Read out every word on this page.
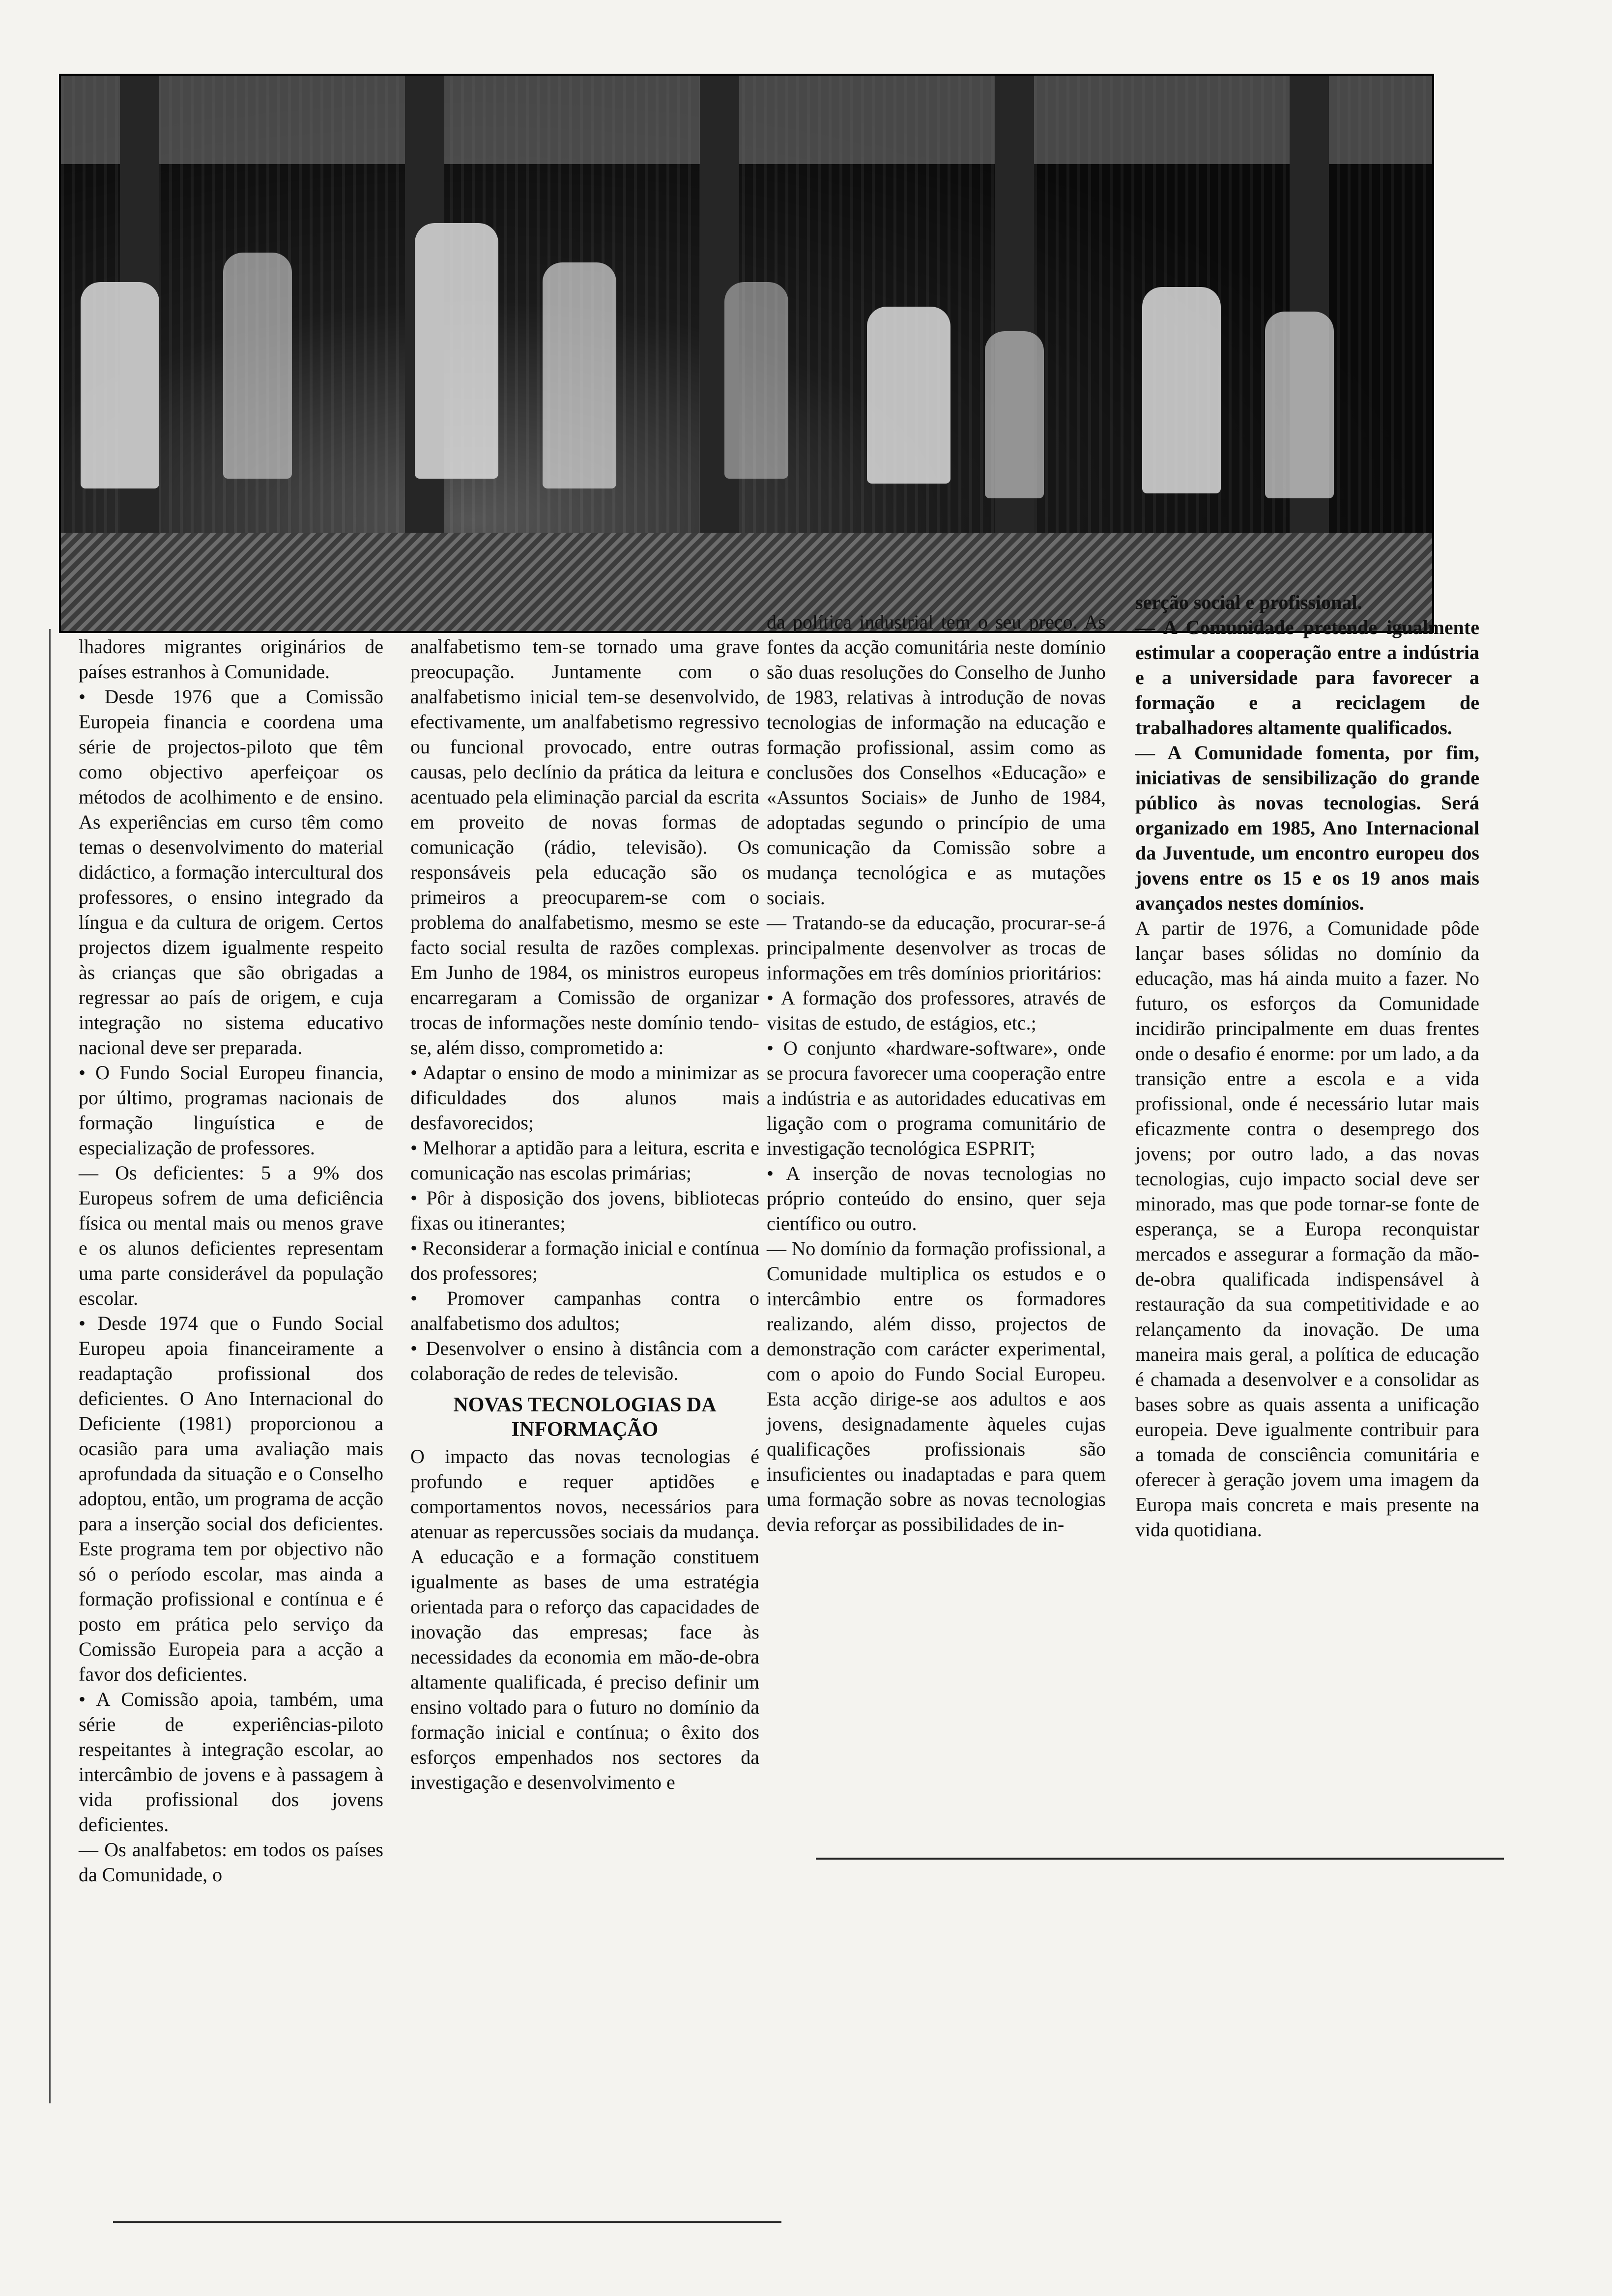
lhadores migrantes originários de países estranhos à Comunidade.

• Desde 1976 que a Comissão Europeia financia e coordena uma série de projectos-piloto que têm como objectivo aperfeiçoar os métodos de acolhimento e de ensino. As experiências em curso têm como temas o desenvolvimento do material didáctico, a formação intercultural dos professores, o ensino integrado da língua e da cultura de origem. Certos projectos dizem igualmente respeito às crianças que são obrigadas a regressar ao país de origem, e cuja integração no sistema educativo nacional deve ser preparada.

• O Fundo Social Europeu financia, por último, programas nacionais de formação linguística e de especialização de professores.

— Os deficientes: 5 a 9% dos Europeus sofrem de uma deficiência física ou mental mais ou menos grave e os alunos deficientes representam uma parte considerável da população escolar.

• Desde 1974 que o Fundo Social Europeu apoia financeiramente a readaptação profissional dos deficientes. O Ano Internacional do Deficiente (1981) proporcionou a ocasião para uma avaliação mais aprofundada da situação e o Conselho adoptou, então, um programa de acção para a inserção social dos deficientes. Este programa tem por objectivo não só o período escolar, mas ainda a formação profissional e contínua e é posto em prática pelo serviço da Comissão Europeia para a acção a favor dos deficientes.

• A Comissão apoia, também, uma série de experiências-piloto respeitantes à integração escolar, ao intercâmbio de jovens e à passagem à vida profissional dos jovens deficientes.

— Os analfabetos: em todos os países da Comunidade, o

analfabetismo tem-se tornado uma grave preocupação. Juntamente com o analfabetismo inicial tem-se desenvolvido, efectivamente, um analfabetismo regressivo ou funcional provocado, entre outras causas, pelo declínio da prática da leitura e acentuado pela eliminação parcial da escrita em proveito de novas formas de comunicação (rádio, televisão). Os responsáveis pela educação são os primeiros a preocuparem-se com o problema do analfabetismo, mesmo se este facto social resulta de razões complexas. Em Junho de 1984, os ministros europeus encarregaram a Comissão de organizar trocas de informações neste domínio tendo-se, além disso, comprometido a:

• Adaptar o ensino de modo a minimizar as dificuldades dos alunos mais desfavorecidos;

• Melhorar a aptidão para a leitura, escrita e comunicação nas escolas primárias;

• Pôr à disposição dos jovens, bibliotecas fixas ou itinerantes;

• Reconsiderar a formação inicial e contínua dos professores;

• Promover campanhas contra o analfabetismo dos adultos;

• Desenvolver o ensino à distância com a colaboração de redes de televisão.

NOVAS TECNOLOGIAS DA INFORMAÇÃO

O impacto das novas tecnologias é profundo e requer aptidões e comportamentos novos, necessários para atenuar as repercussões sociais da mudança. A educação e a formação constituem igualmente as bases de uma estratégia orientada para o reforço das capacidades de inovação das empresas; face às necessidades da economia em mão-de-obra altamente qualificada, é preciso definir um ensino voltado para o futuro no domínio da formação inicial e contínua; o êxito dos esforços empenhados nos sectores da investigação e desenvolvimento e

da política industrial tem o seu preço. As fontes da acção comunitária neste domínio são duas resoluções do Conselho de Junho de 1983, relativas à introdução de novas tecnologias de informação na educação e formação profissional, assim como as conclusões dos Conselhos «Educação» e «Assuntos Sociais» de Junho de 1984, adoptadas segundo o princípio de uma comunicação da Comissão sobre a mudança tecnológica e as mutações sociais.

— Tratando-se da educação, procurar-se-á principalmente desenvolver as trocas de informações em três domínios prioritários:

• A formação dos professores, através de visitas de estudo, de estágios, etc.;

• O conjunto «hardware-software», onde se procura favorecer uma cooperação entre a indústria e as autoridades educativas em ligação com o programa comunitário de investigação tecnológica ESPRIT;

• A inserção de novas tecnologias no próprio conteúdo do ensino, quer seja científico ou outro.

— No domínio da formação profissional, a Comunidade multiplica os estudos e o intercâmbio entre os formadores realizando, além disso, projectos de demonstração com carácter experimental, com o apoio do Fundo Social Europeu. Esta acção dirige-se aos adultos e aos jovens, designadamente àqueles cujas qualificações profissionais são insuficientes ou inadaptadas e para quem uma formação sobre as novas tecnologias devia reforçar as possibilidades de in-

serção social e profissional.

— A Comunidade pretende igualmente estimular a cooperação entre a indústria e a universidade para favorecer a formação e a reciclagem de trabalhadores altamente qualificados.

— A Comunidade fomenta, por fim, iniciativas de sensibilização do grande público às novas tecnologias. Será organizado em 1985, Ano Internacional da Juventude, um encontro europeu dos jovens entre os 15 e os 19 anos mais avançados nestes domínios.

A partir de 1976, a Comunidade pôde lançar bases sólidas no domínio da educação, mas há ainda muito a fazer. No futuro, os esforços da Comunidade incidirão principalmente em duas frentes onde o desafio é enorme: por um lado, a da transição entre a escola e a vida profissional, onde é necessário lutar mais eficazmente contra o desemprego dos jovens; por outro lado, a das novas tecnologias, cujo impacto social deve ser minorado, mas que pode tornar-se fonte de esperança, se a Europa reconquistar mercados e assegurar a formação da mão-de-obra qualificada indispensável à restauração da sua competitividade e ao relançamento da inovação. De uma maneira mais geral, a política de educação é chamada a desenvolver e a consolidar as bases sobre as quais assenta a unificação europeia. Deve igualmente contribuir para a tomada de consciência comunitária e oferecer à geração jovem uma imagem da Europa mais concreta e mais presente na vida quotidiana.
